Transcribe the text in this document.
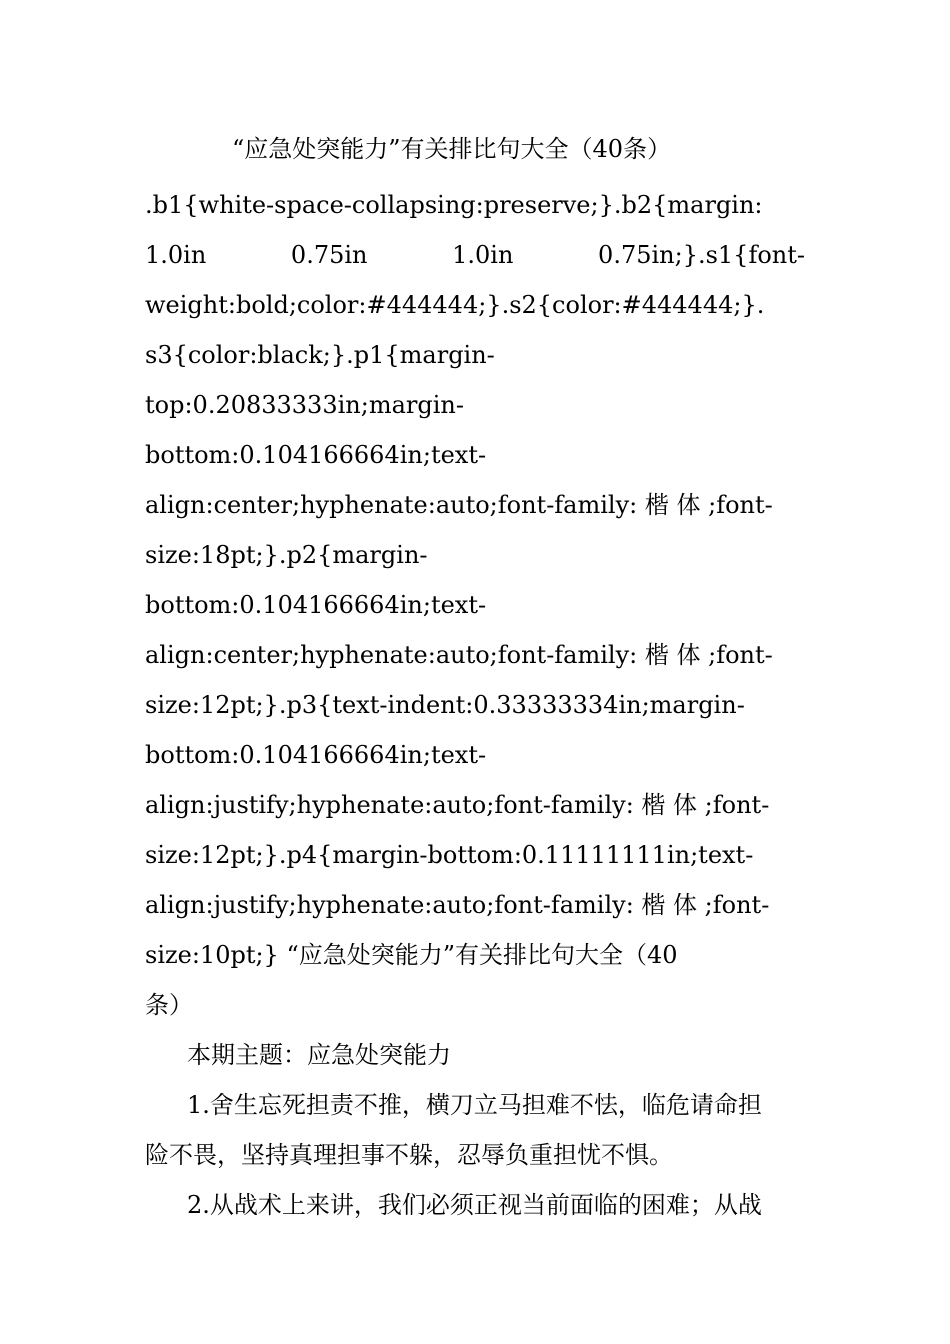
“应急处突能力”有关排比句大全（40条）
.b1{white-space-collapsing:preserve;}.b2{margin:
1.0in 0.75in 1.0in 0.75in;}.s1{font-
weight:bold;color:#444444;}.s2{color:#444444;}.
s3{color:black;}.p1{margin-
top:0.20833333in;margin-
bottom:0.104166664in;text-
align:center;hyphenate:auto;font-family: 楷 体 ;font-
size:18pt;}.p2{margin-
bottom:0.104166664in;text-
align:center;hyphenate:auto;font-family: 楷 体 ;font-
size:12pt;}.p3{text-indent:0.33333334in;margin-
bottom:0.104166664in;text-
align:justify;hyphenate:auto;font-family: 楷 体 ;font-
size:12pt;}.p4{margin-bottom:0.11111111in;text-
align:justify;hyphenate:auto;font-family: 楷 体 ;font-
size:10pt;} “应急处突能力”有关排比句大全（40
条）
本期主题：应急处突能力
1.舍生忘死担责不推，横刀立马担难不怯，临危请命担
险不畏，坚持真理担事不躲，忍辱负重担忧不惧。
2.从战术上来讲，我们必须正视当前面临的困难；从战
